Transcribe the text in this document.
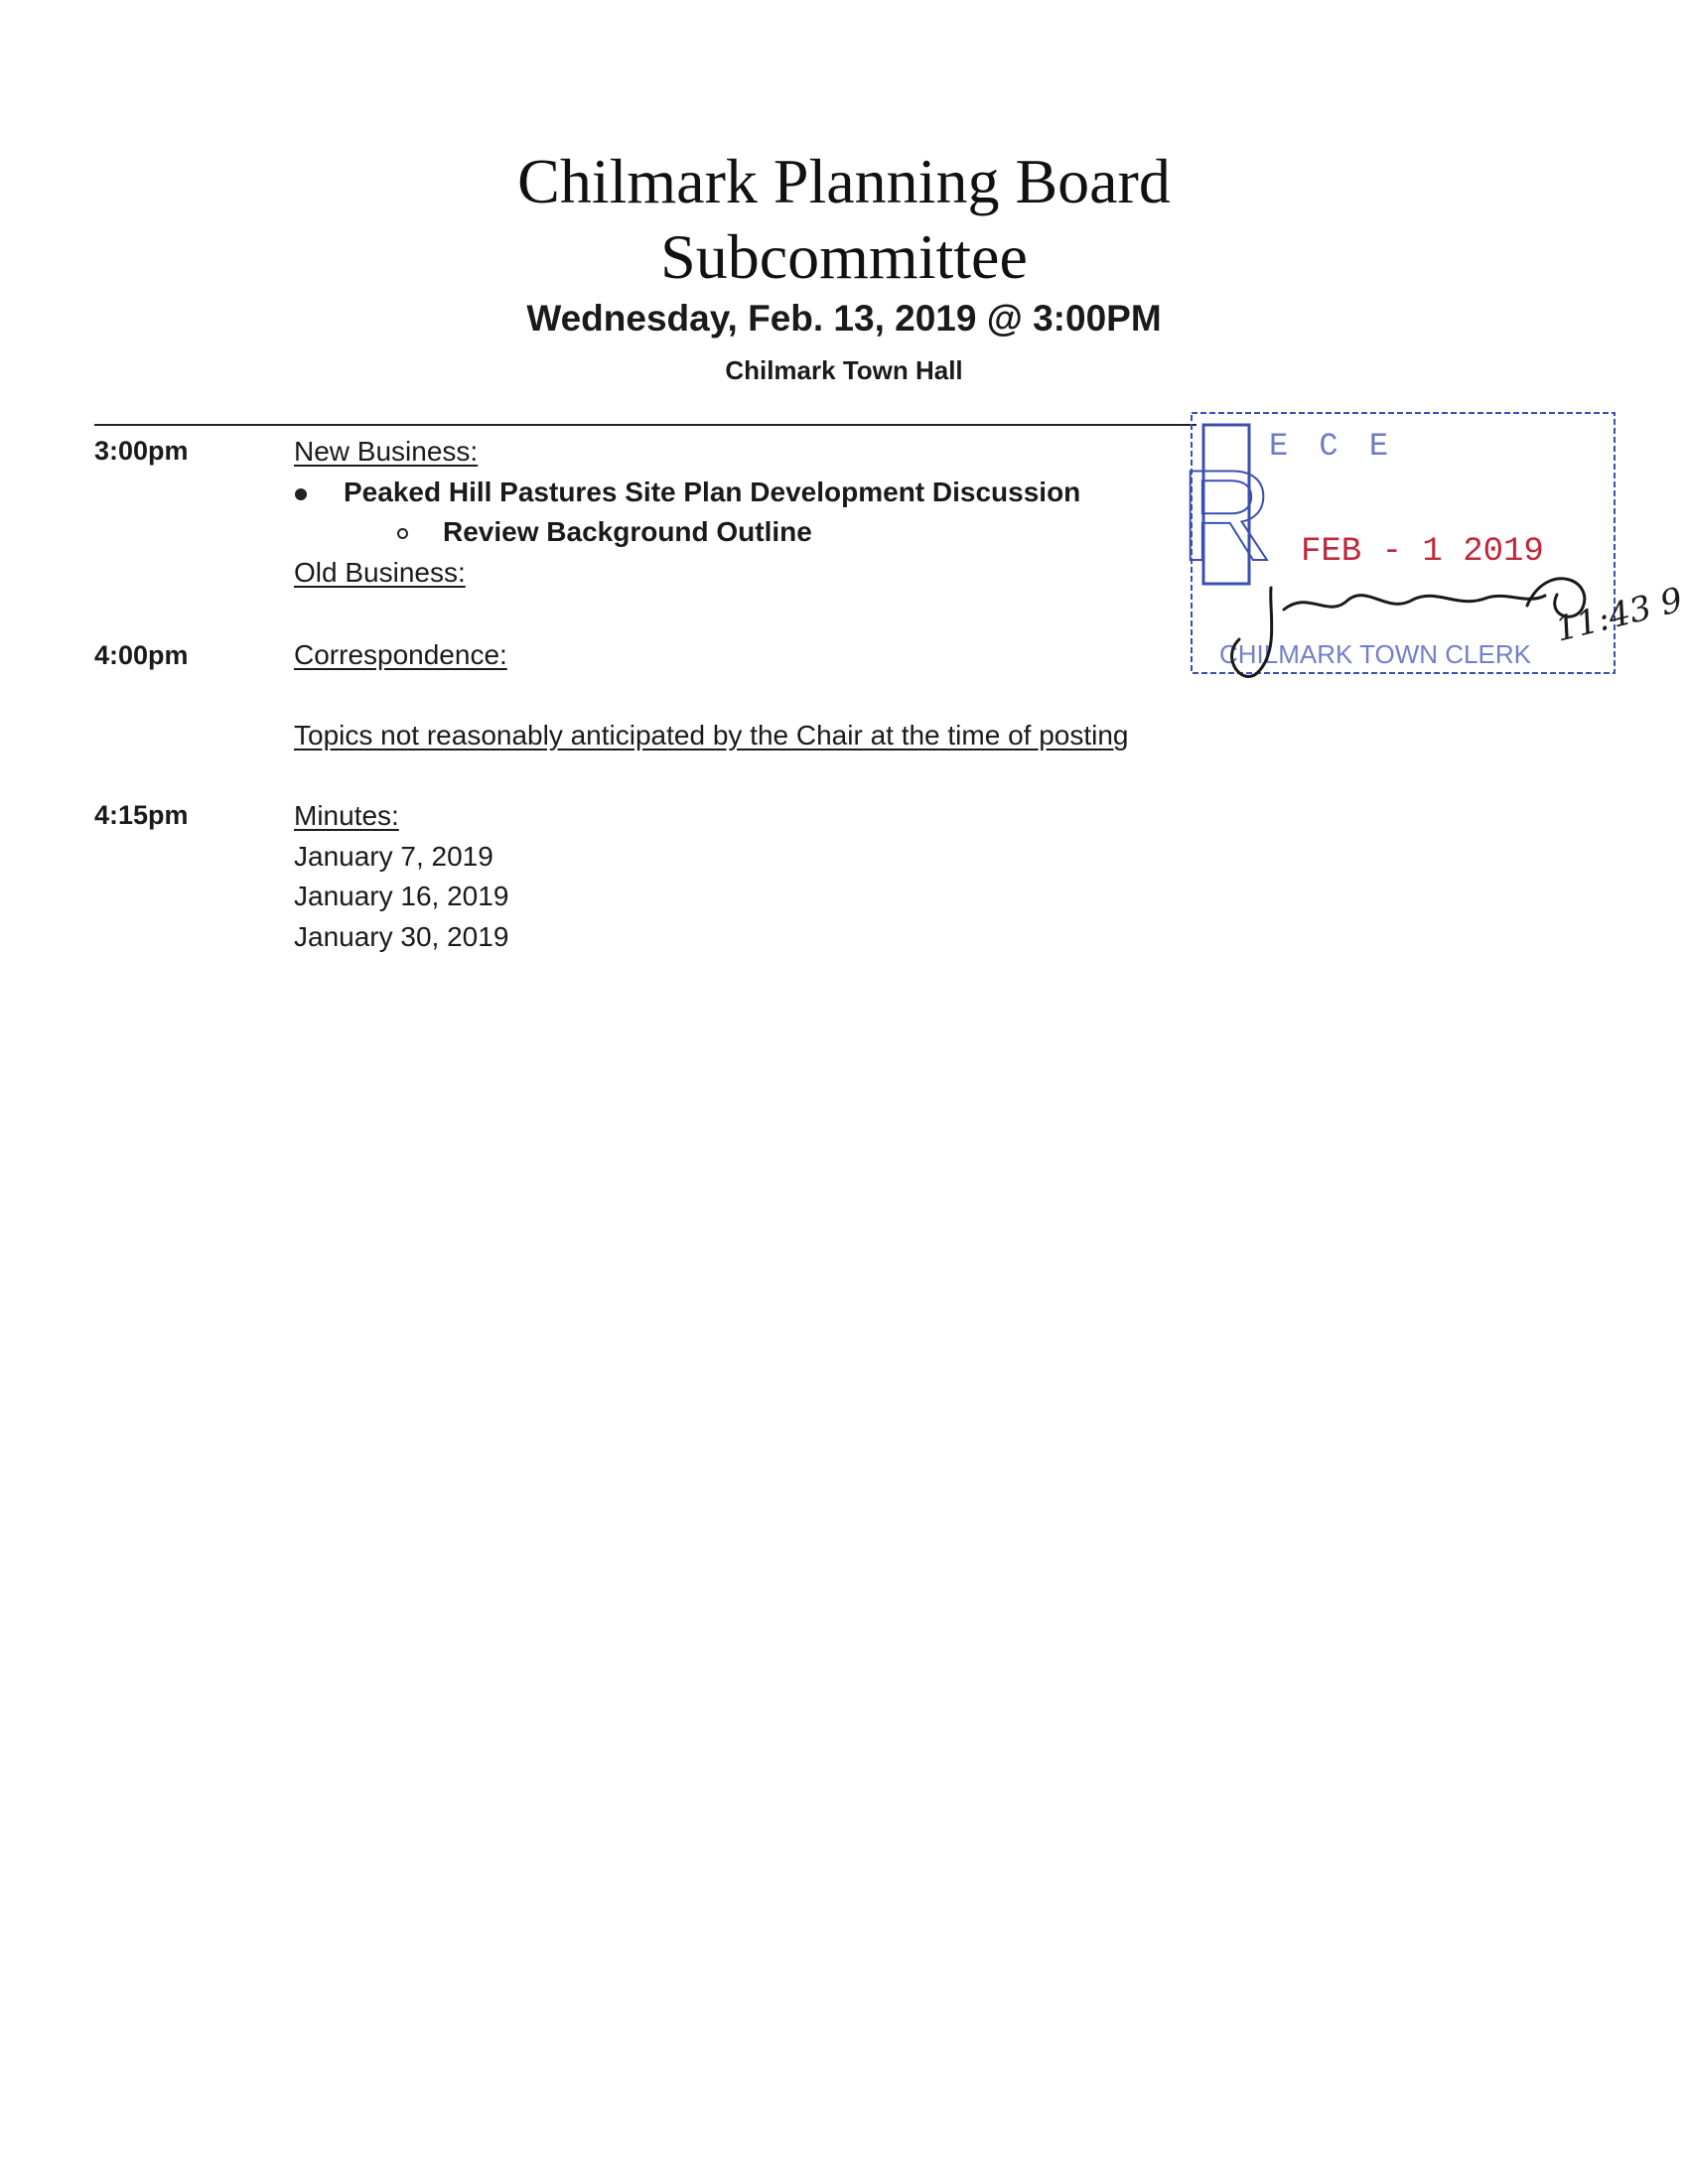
Chilmark Planning Board
Subcommittee
Wednesday, Feb. 13, 2019 @ 3:00PM
Chilmark Town Hall
3:00pm	New Business:
Peaked Hill Pastures Site Plan Development Discussion
Review Background Outline
Old Business:
4:00pm	Correspondence:
Topics not reasonably anticipated by the Chair at the time of posting
4:15pm	Minutes:
January 7, 2019
January 16, 2019
January 30, 2019
R
E C E
FEB - 1 2019
CHILMARK TOWN CLERK
11:43 9
